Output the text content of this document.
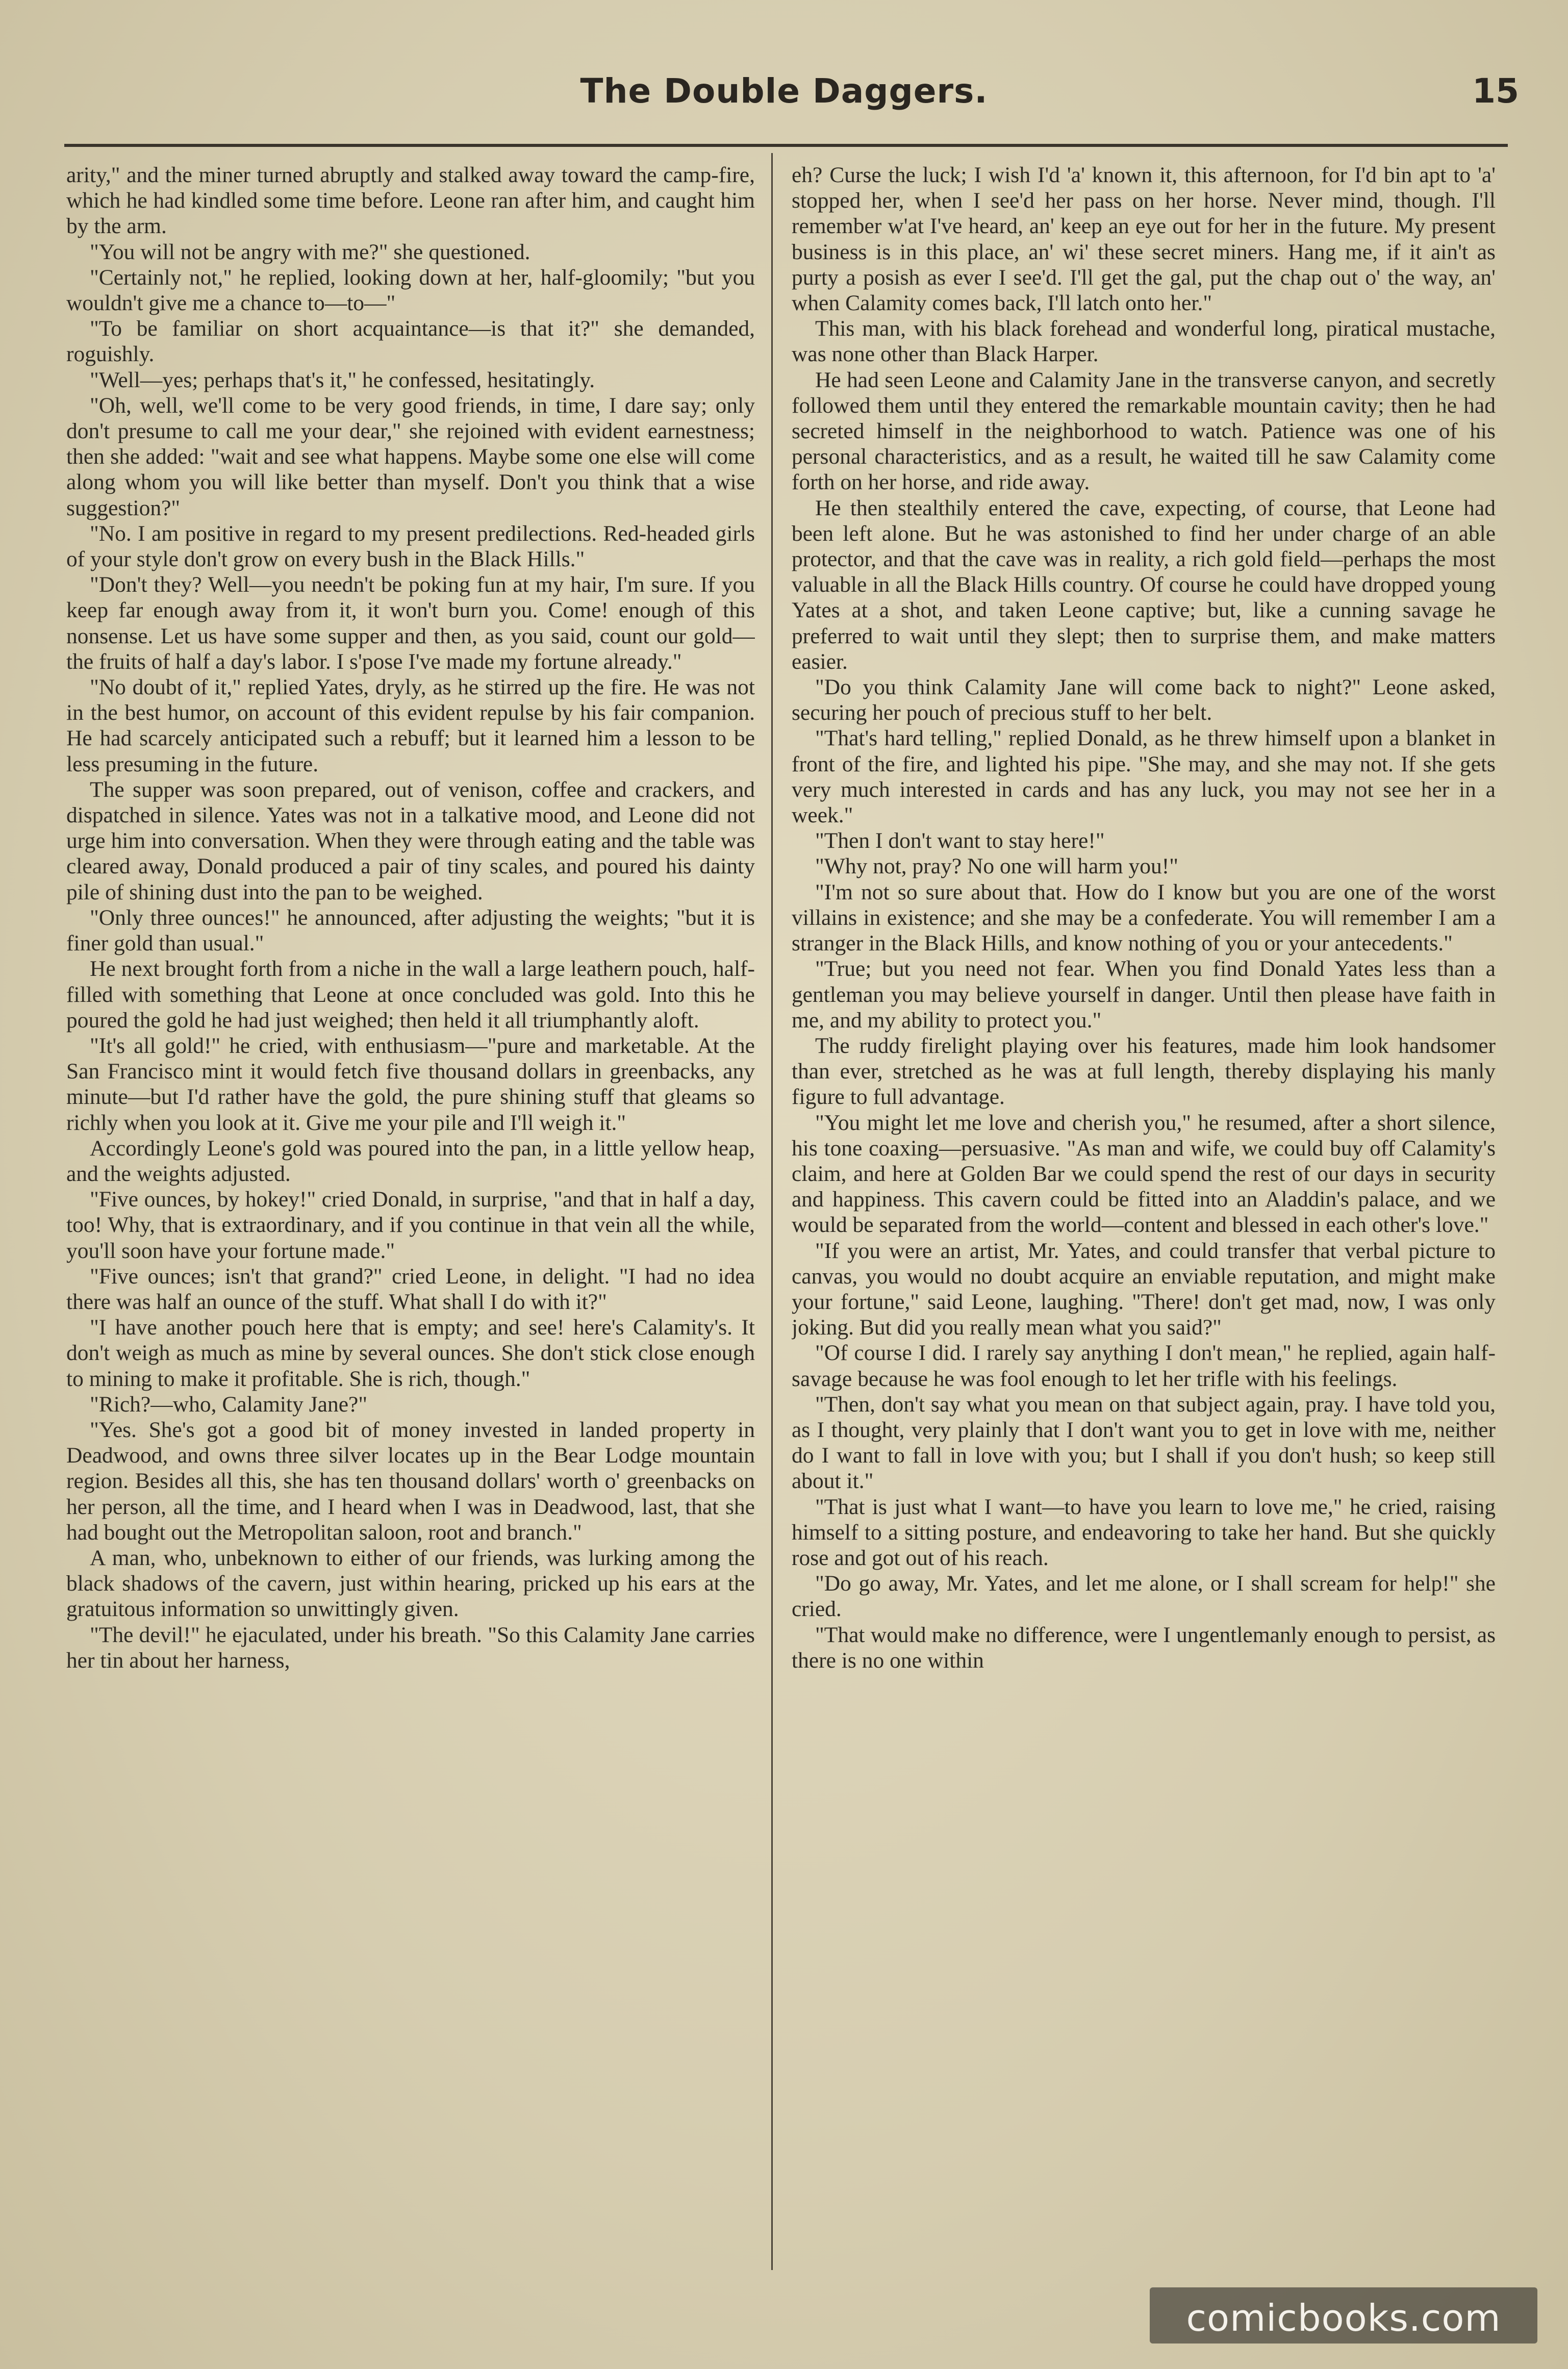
The Double Daggers.	15

arity," and the miner turned abruptly and stalked away toward the camp-fire, which he had kindled some time before. Leone ran after him, and caught him by the arm.

"You will not be angry with me?" she questioned.

"Certainly not," he replied, looking down at her, half-gloomily; "but you wouldn't give me a chance to—to—"

"To be familiar on short acquaintance—is that it?" she demanded, roguishly.

"Well—yes; perhaps that's it," he confessed, hesitatingly.

"Oh, well, we'll come to be very good friends, in time, I dare say; only don't presume to call me your dear," she rejoined with evident earnestness; then she added: "wait and see what happens. Maybe some one else will come along whom you will like better than myself. Don't you think that a wise suggestion?"

"No. I am positive in regard to my present predilections. Red-headed girls of your style don't grow on every bush in the Black Hills."

"Don't they? Well—you needn't be poking fun at my hair, I'm sure. If you keep far enough away from it, it won't burn you. Come! enough of this nonsense. Let us have some supper and then, as you said, count our gold—the fruits of half a day's labor. I s'pose I've made my fortune already."

"No doubt of it," replied Yates, dryly, as he stirred up the fire. He was not in the best humor, on account of this evident repulse by his fair companion. He had scarcely anticipated such a rebuff; but it learned him a lesson to be less presuming in the future.

The supper was soon prepared, out of venison, coffee and crackers, and dispatched in silence. Yates was not in a talkative mood, and Leone did not urge him into conversation. When they were through eating and the table was cleared away, Donald produced a pair of tiny scales, and poured his dainty pile of shining dust into the pan to be weighed.

"Only three ounces!" he announced, after adjusting the weights; "but it is finer gold than usual."

He next brought forth from a niche in the wall a large leathern pouch, half-filled with something that Leone at once concluded was gold. Into this he poured the gold he had just weighed; then held it all triumphantly aloft.

"It's all gold!" he cried, with enthusiasm—"pure and marketable. At the San Francisco mint it would fetch five thousand dollars in greenbacks, any minute—but I'd rather have the gold, the pure shining stuff that gleams so richly when you look at it. Give me your pile and I'll weigh it."

Accordingly Leone's gold was poured into the pan, in a little yellow heap, and the weights adjusted.

"Five ounces, by hokey!" cried Donald, in surprise, "and that in half a day, too! Why, that is extraordinary, and if you continue in that vein all the while, you'll soon have your fortune made."

"Five ounces; isn't that grand?" cried Leone, in delight. "I had no idea there was half an ounce of the stuff. What shall I do with it?"

"I have another pouch here that is empty; and see! here's Calamity's. It don't weigh as much as mine by several ounces. She don't stick close enough to mining to make it profitable. She is rich, though."

"Rich?—who, Calamity Jane?"

"Yes. She's got a good bit of money invested in landed property in Deadwood, and owns three silver locates up in the Bear Lodge mountain region. Besides all this, she has ten thousand dollars' worth o' greenbacks on her person, all the time, and I heard when I was in Deadwood, last, that she had bought out the Metropolitan saloon, root and branch."

A man, who, unbeknown to either of our friends, was lurking among the black shadows of the cavern, just within hearing, pricked up his ears at the gratuitous information so unwittingly given.

"The devil!" he ejaculated, under his breath. "So this Calamity Jane carries her tin about her harness,

eh? Curse the luck; I wish I'd 'a' known it, this afternoon, for I'd bin apt to 'a' stopped her, when I see'd her pass on her horse. Never mind, though. I'll remember w'at I've heard, an' keep an eye out for her in the future. My present business is in this place, an' wi' these secret miners. Hang me, if it ain't as purty a posish as ever I see'd. I'll get the gal, put the chap out o' the way, an' when Calamity comes back, I'll latch onto her."

This man, with his black forehead and wonderful long, piratical mustache, was none other than Black Harper.

He had seen Leone and Calamity Jane in the transverse canyon, and secretly followed them until they entered the remarkable mountain cavity; then he had secreted himself in the neighborhood to watch. Patience was one of his personal characteristics, and as a result, he waited till he saw Calamity come forth on her horse, and ride away.

He then stealthily entered the cave, expecting, of course, that Leone had been left alone. But he was astonished to find her under charge of an able protector, and that the cave was in reality, a rich gold field—perhaps the most valuable in all the Black Hills country. Of course he could have dropped young Yates at a shot, and taken Leone captive; but, like a cunning savage he preferred to wait until they slept; then to surprise them, and make matters easier.

"Do you think Calamity Jane will come back to night?" Leone asked, securing her pouch of precious stuff to her belt.

"That's hard telling," replied Donald, as he threw himself upon a blanket in front of the fire, and lighted his pipe. "She may, and she may not. If she gets very much interested in cards and has any luck, you may not see her in a week."

"Then I don't want to stay here!"

"Why not, pray? No one will harm you!"

"I'm not so sure about that. How do I know but you are one of the worst villains in existence; and she may be a confederate. You will remember I am a stranger in the Black Hills, and know nothing of you or your antecedents."

"True; but you need not fear. When you find Donald Yates less than a gentleman you may believe yourself in danger. Until then please have faith in me, and my ability to protect you."

The ruddy firelight playing over his features, made him look handsomer than ever, stretched as he was at full length, thereby displaying his manly figure to full advantage.

"You might let me love and cherish you," he resumed, after a short silence, his tone coaxing—persuasive. "As man and wife, we could buy off Calamity's claim, and here at Golden Bar we could spend the rest of our days in security and happiness. This cavern could be fitted into an Aladdin's palace, and we would be separated from the world—content and blessed in each other's love."

"If you were an artist, Mr. Yates, and could transfer that verbal picture to canvas, you would no doubt acquire an enviable reputation, and might make your fortune," said Leone, laughing. "There! don't get mad, now, I was only joking. But did you really mean what you said?"

"Of course I did. I rarely say anything I don't mean," he replied, again half-savage because he was fool enough to let her trifle with his feelings.

"Then, don't say what you mean on that subject again, pray. I have told you, as I thought, very plainly that I don't want you to get in love with me, neither do I want to fall in love with you; but I shall if you don't hush; so keep still about it."

"That is just what I want—to have you learn to love me," he cried, raising himself to a sitting posture, and endeavoring to take her hand. But she quickly rose and got out of his reach.

"Do go away, Mr. Yates, and let me alone, or I shall scream for help!" she cried.

"That would make no difference, were I ungentlemanly enough to persist, as there is no one within

comicbooks.com
